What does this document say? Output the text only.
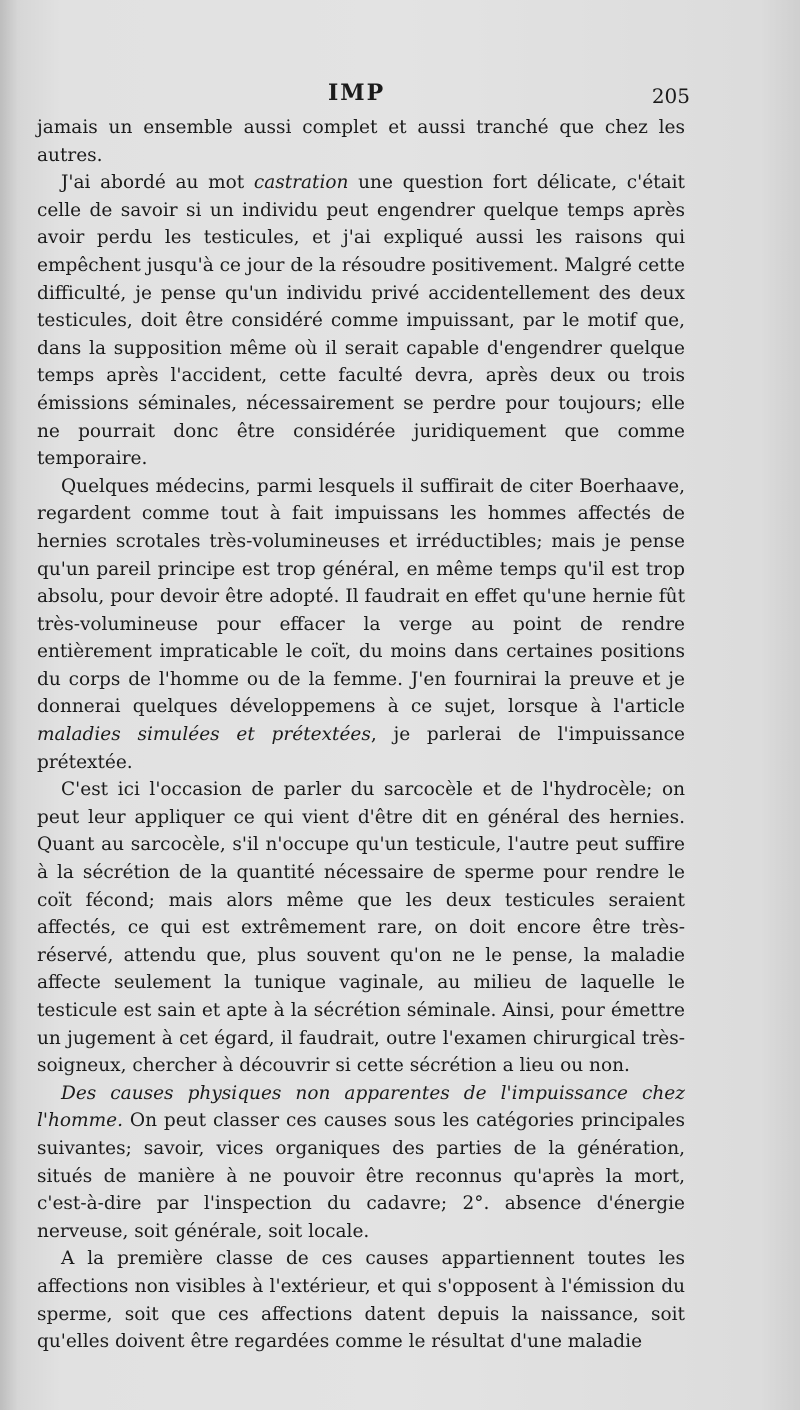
IMP	205

jamais un ensemble aussi complet et aussi tranché que chez les autres.

J'ai abordé au mot castration une question fort délicate, c'était celle de savoir si un individu peut engendrer quelque temps après avoir perdu les testicules, et j'ai expliqué aussi les raisons qui empêchent jusqu'à ce jour de la résoudre positivement. Malgré cette difficulté, je pense qu'un individu privé accidentellement des deux testicules, doit être considéré comme impuissant, par le motif que, dans la supposition même où il serait capable d'engendrer quelque temps après l'accident, cette faculté devra, après deux ou trois émissions séminales, nécessairement se perdre pour toujours; elle ne pourrait donc être considérée juridiquement que comme temporaire.

Quelques médecins, parmi lesquels il suffirait de citer Boerhaave, regardent comme tout à fait impuissans les hommes affectés de hernies scrotales très-volumineuses et irréductibles; mais je pense qu'un pareil principe est trop général, en même temps qu'il est trop absolu, pour devoir être adopté. Il faudrait en effet qu'une hernie fût très-volumineuse pour effacer la verge au point de rendre entièrement impraticable le coït, du moins dans certaines positions du corps de l'homme ou de la femme. J'en fournirai la preuve et je donnerai quelques développemens à ce sujet, lorsque à l'article maladies simulées et prétextées, je parlerai de l'impuissance prétextée.

C'est ici l'occasion de parler du sarcocèle et de l'hydrocèle; on peut leur appliquer ce qui vient d'être dit en général des hernies. Quant au sarcocèle, s'il n'occupe qu'un testicule, l'autre peut suffire à la sécrétion de la quantité nécessaire de sperme pour rendre le coït fécond; mais alors même que les deux testicules seraient affectés, ce qui est extrêmement rare, on doit encore être très-réservé, attendu que, plus souvent qu'on ne le pense, la maladie affecte seulement la tunique vaginale, au milieu de laquelle le testicule est sain et apte à la sécrétion séminale. Ainsi, pour émettre un jugement à cet égard, il faudrait, outre l'examen chirurgical très-soigneux, chercher à découvrir si cette sécrétion a lieu ou non.

Des causes physiques non apparentes de l'impuissance chez l'homme. On peut classer ces causes sous les catégories principales suivantes; savoir, vices organiques des parties de la génération, situés de manière à ne pouvoir être reconnus qu'après la mort, c'est-à-dire par l'inspection du cadavre; 2°. absence d'énergie nerveuse, soit générale, soit locale.

A la première classe de ces causes appartiennent toutes les affections non visibles à l'extérieur, et qui s'opposent à l'émission du sperme, soit que ces affections datent depuis la naissance, soit qu'elles doivent être regardées comme le résultat d'une maladie
